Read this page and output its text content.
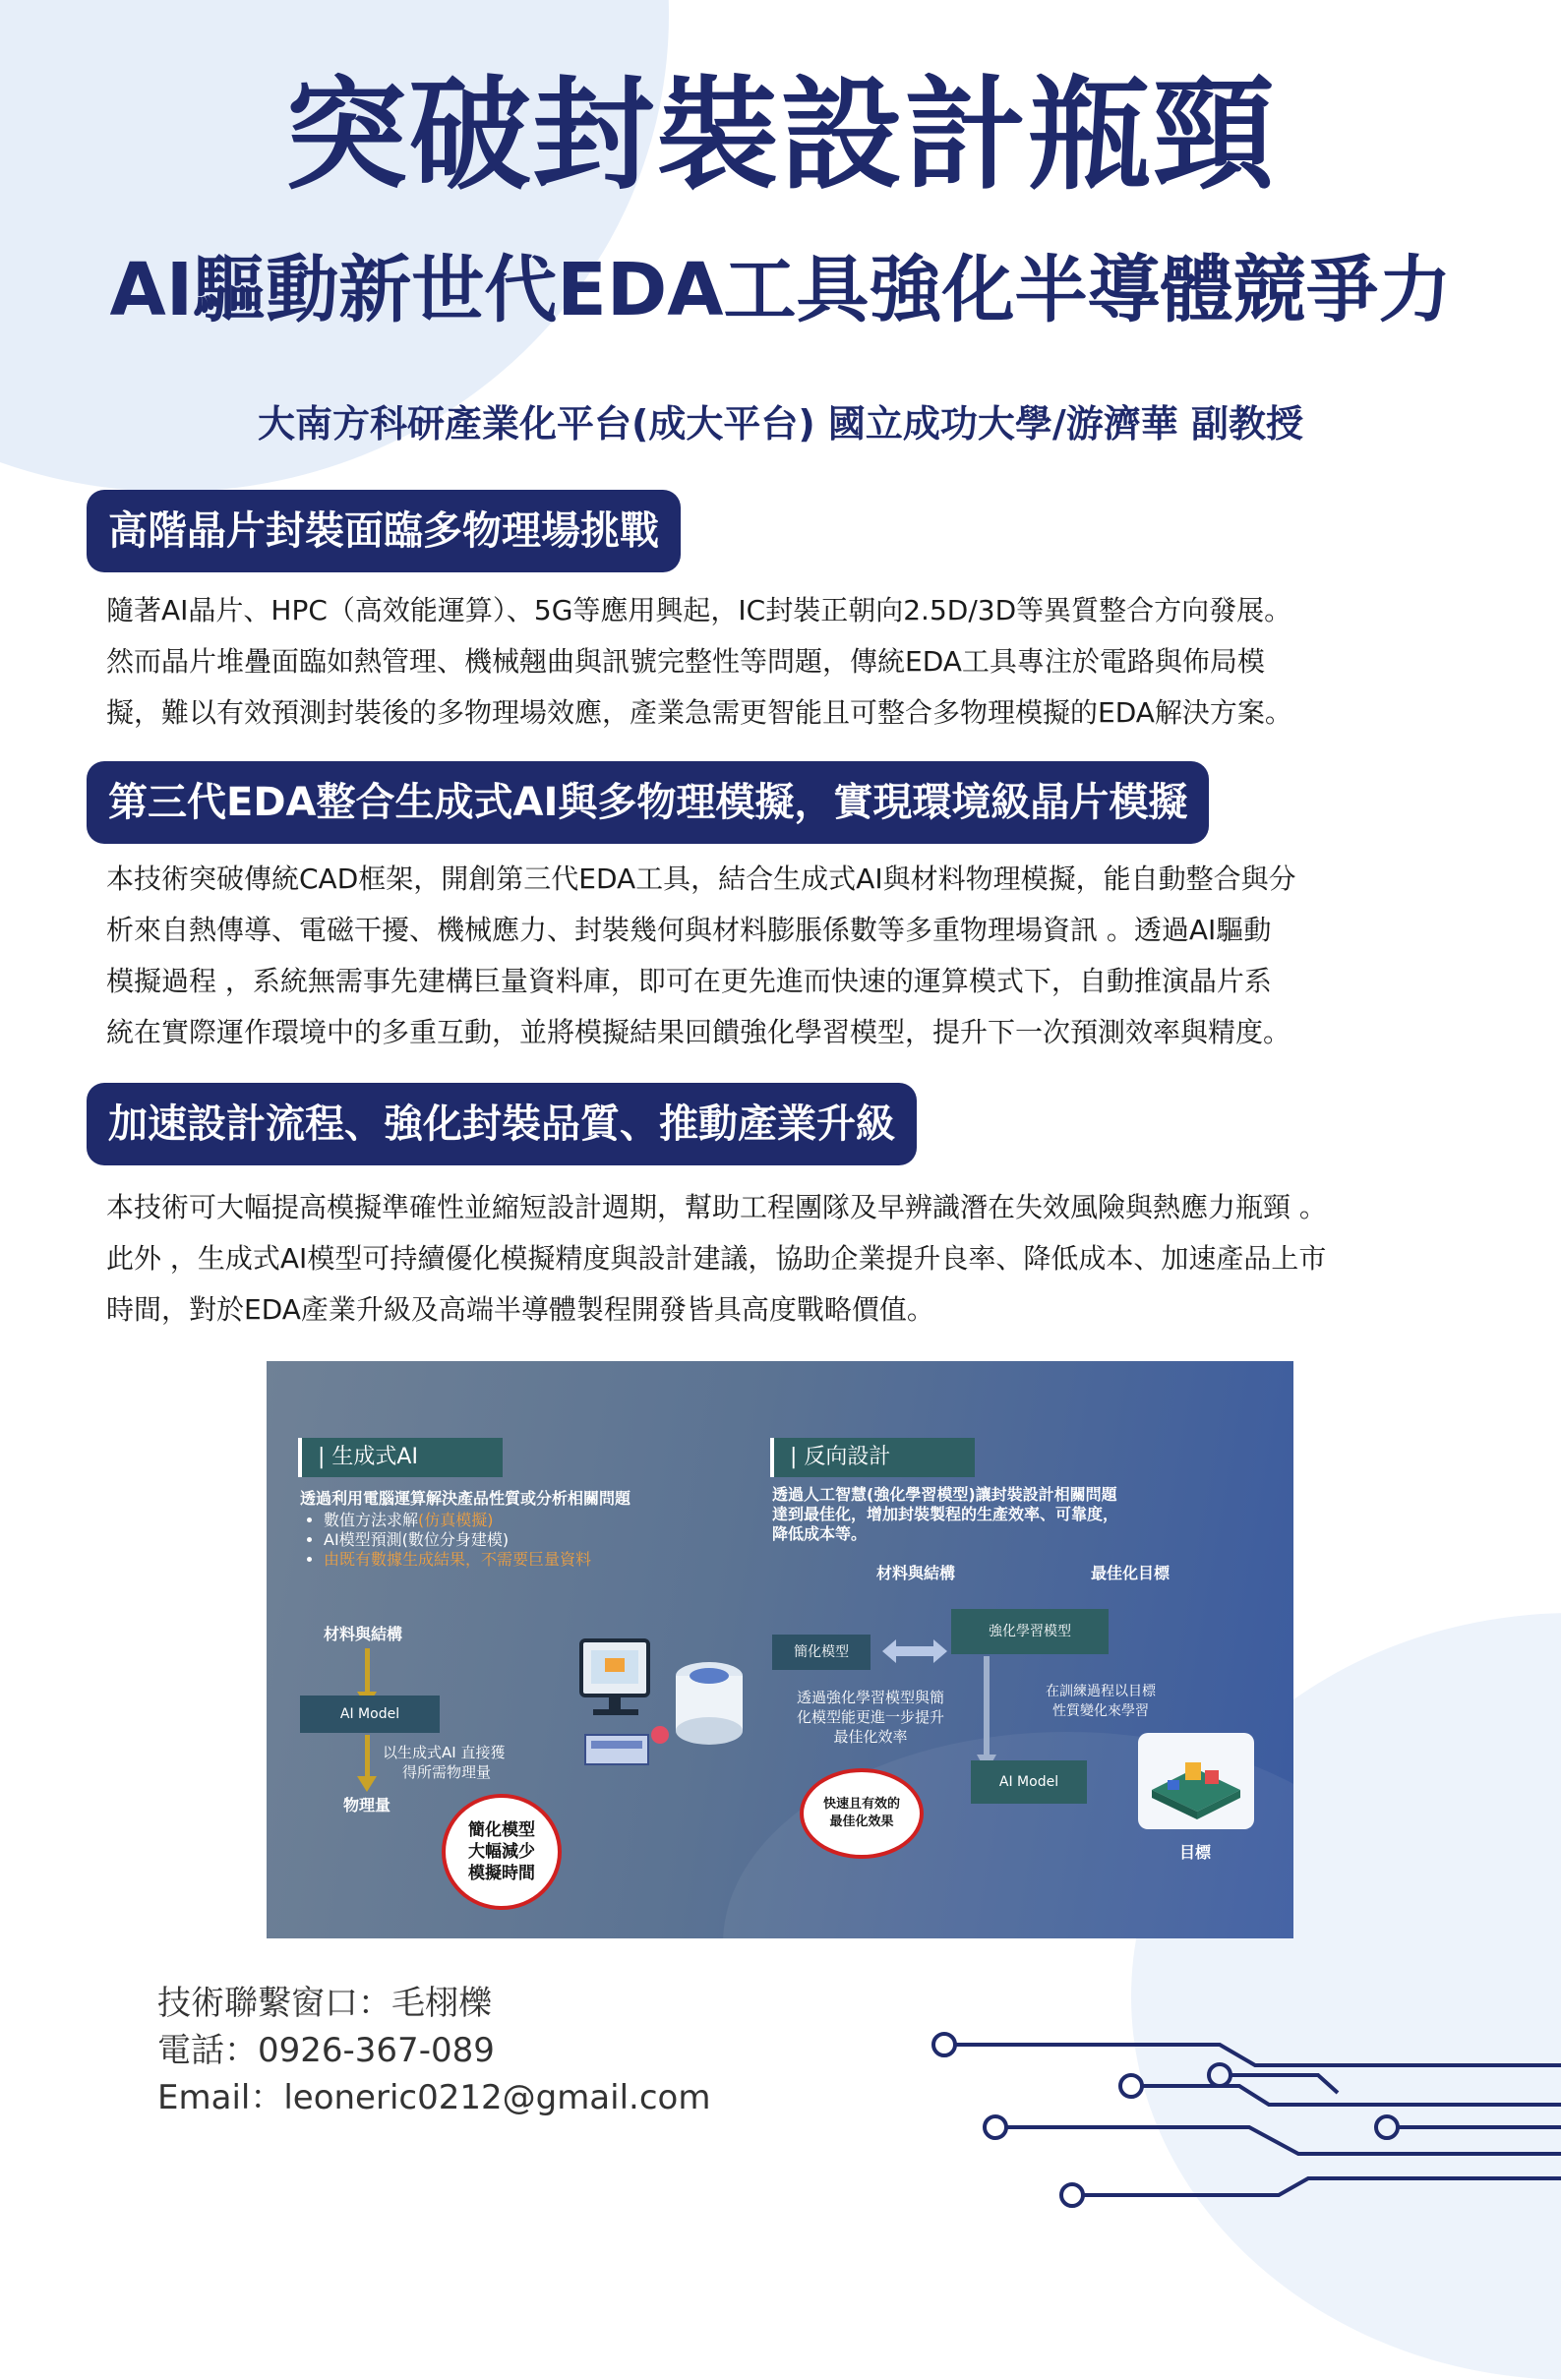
突破封裝設計瓶頸
AI驅動新世代EDA工具強化半導體競爭力

大南方科研產業化平台(成大平台) 國立成功大學/游濟華 副教授

高階晶片封裝面臨多物理場挑戰
隨著AI晶片、HPC（高效能運算）、5G等應用興起，IC封裝正朝向2.5D/3D等異質整合方向發展。
然而晶片堆疊面臨如熱管理、機械翹曲與訊號完整性等問題，傳統EDA工具專注於電路與佈局模
擬，難以有效預測封裝後的多物理場效應，產業急需更智能且可整合多物理模擬的EDA解決方案。
第三代EDA整合生成式AI與多物理模擬，實現環境級晶片模擬
本技術突破傳統CAD框架，開創第三代EDA工具，結合生成式AI與材料物理模擬，能自動整合與分
析來自熱傳導、電磁干擾、機械應力、封裝幾何與材料膨脹係數等多重物理場資訊 。透過AI驅動
模擬過程 ，系統無需事先建構巨量資料庫，即可在更先進而快速的運算模式下，自動推演晶片系
統在實際運作環境中的多重互動，並將模擬結果回饋強化學習模型，提升下一次預測效率與精度。
加速設計流程、強化封裝品質、推動產業升級
本技術可大幅提高模擬準確性並縮短設計週期，幫助工程團隊及早辨識潛在失效風險與熱應力瓶頸 。
此外 ，生成式AI模型可持續優化模擬精度與設計建議，協助企業提升良率、降低成本、加速產品上市
時間，對於EDA產業升級及高端半導體製程開發皆具高度戰略價值。
| 生成式AI

透過利用電腦運算解決產品性質或分析相關問題

• 數值方法求解(仿真模擬)
• AI模型預測(數位分身建模)
• 由既有數據生成結果，不需要巨量資料

材料與結構

AI Model
以生成式AI 直接獲
得所需物理量

物理量

簡化模型
大幅減少
模擬時間
| 反向設計
透過人工智慧(強化學習模型)讓封裝設計相關問題
達到最佳化，增加封裝製程的生產效率、可靠度，
降低成本等。

材料與結構	最佳化目標

強化學習模型
簡化模型
透過強化學習模型與簡
化模型能更進一步提升
最佳化效率
在訓練過程以目標
性質變化來學習
AI Model
快速且有效的
最佳化效果

目標

技術聯繫窗口：毛栩櫟
電話：0926-367-089
Email：leoneric0212@gmail.com
